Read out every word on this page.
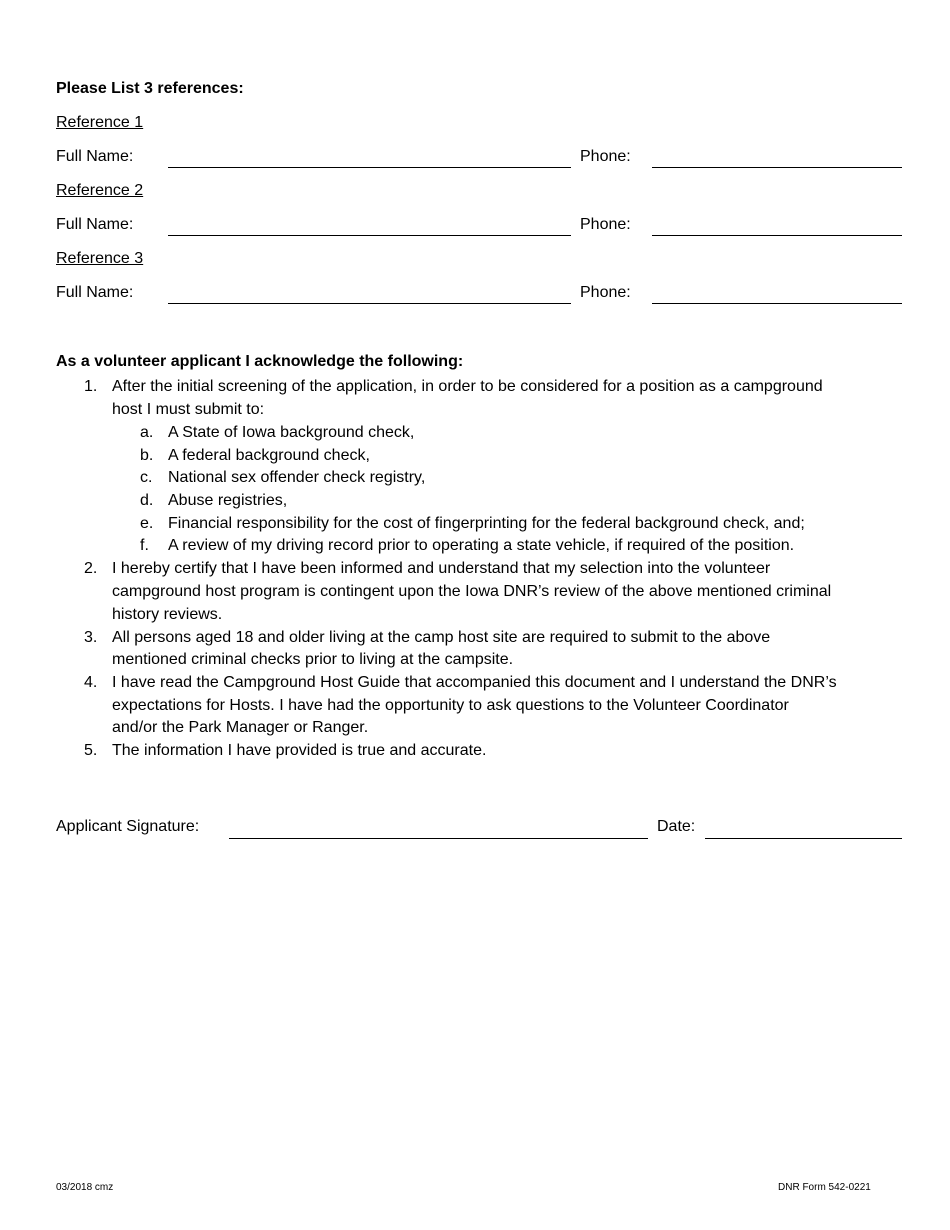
Please List 3 references:
Reference 1
Full Name:	Phone:
Reference 2
Full Name:	Phone:
Reference 3
Full Name:	Phone:
As a volunteer applicant I acknowledge the following:
1. After the initial screening of the application, in order to be considered for a position as a campground
host I must submit to:
a. A State of Iowa background check,
b. A federal background check,
c. National sex offender check registry,
d. Abuse registries,
e. Financial responsibility for the cost of fingerprinting for the federal background check, and;
f. A review of my driving record prior to operating a state vehicle, if required of the position.
2. I hereby certify that I have been informed and understand that my selection into the volunteer
campground host program is contingent upon the Iowa DNR’s review of the above mentioned criminal
history reviews.
3. All persons aged 18 and older living at the camp host site are required to submit to the above
mentioned criminal checks prior to living at the campsite.
4. I have read the Campground Host Guide that accompanied this document and I understand the DNR’s
expectations for Hosts. I have had the opportunity to ask questions to the Volunteer Coordinator
and/or the Park Manager or Ranger.
5. The information I have provided is true and accurate.
Applicant Signature:	Date:
03/2018 cmz	DNR Form 542-0221
